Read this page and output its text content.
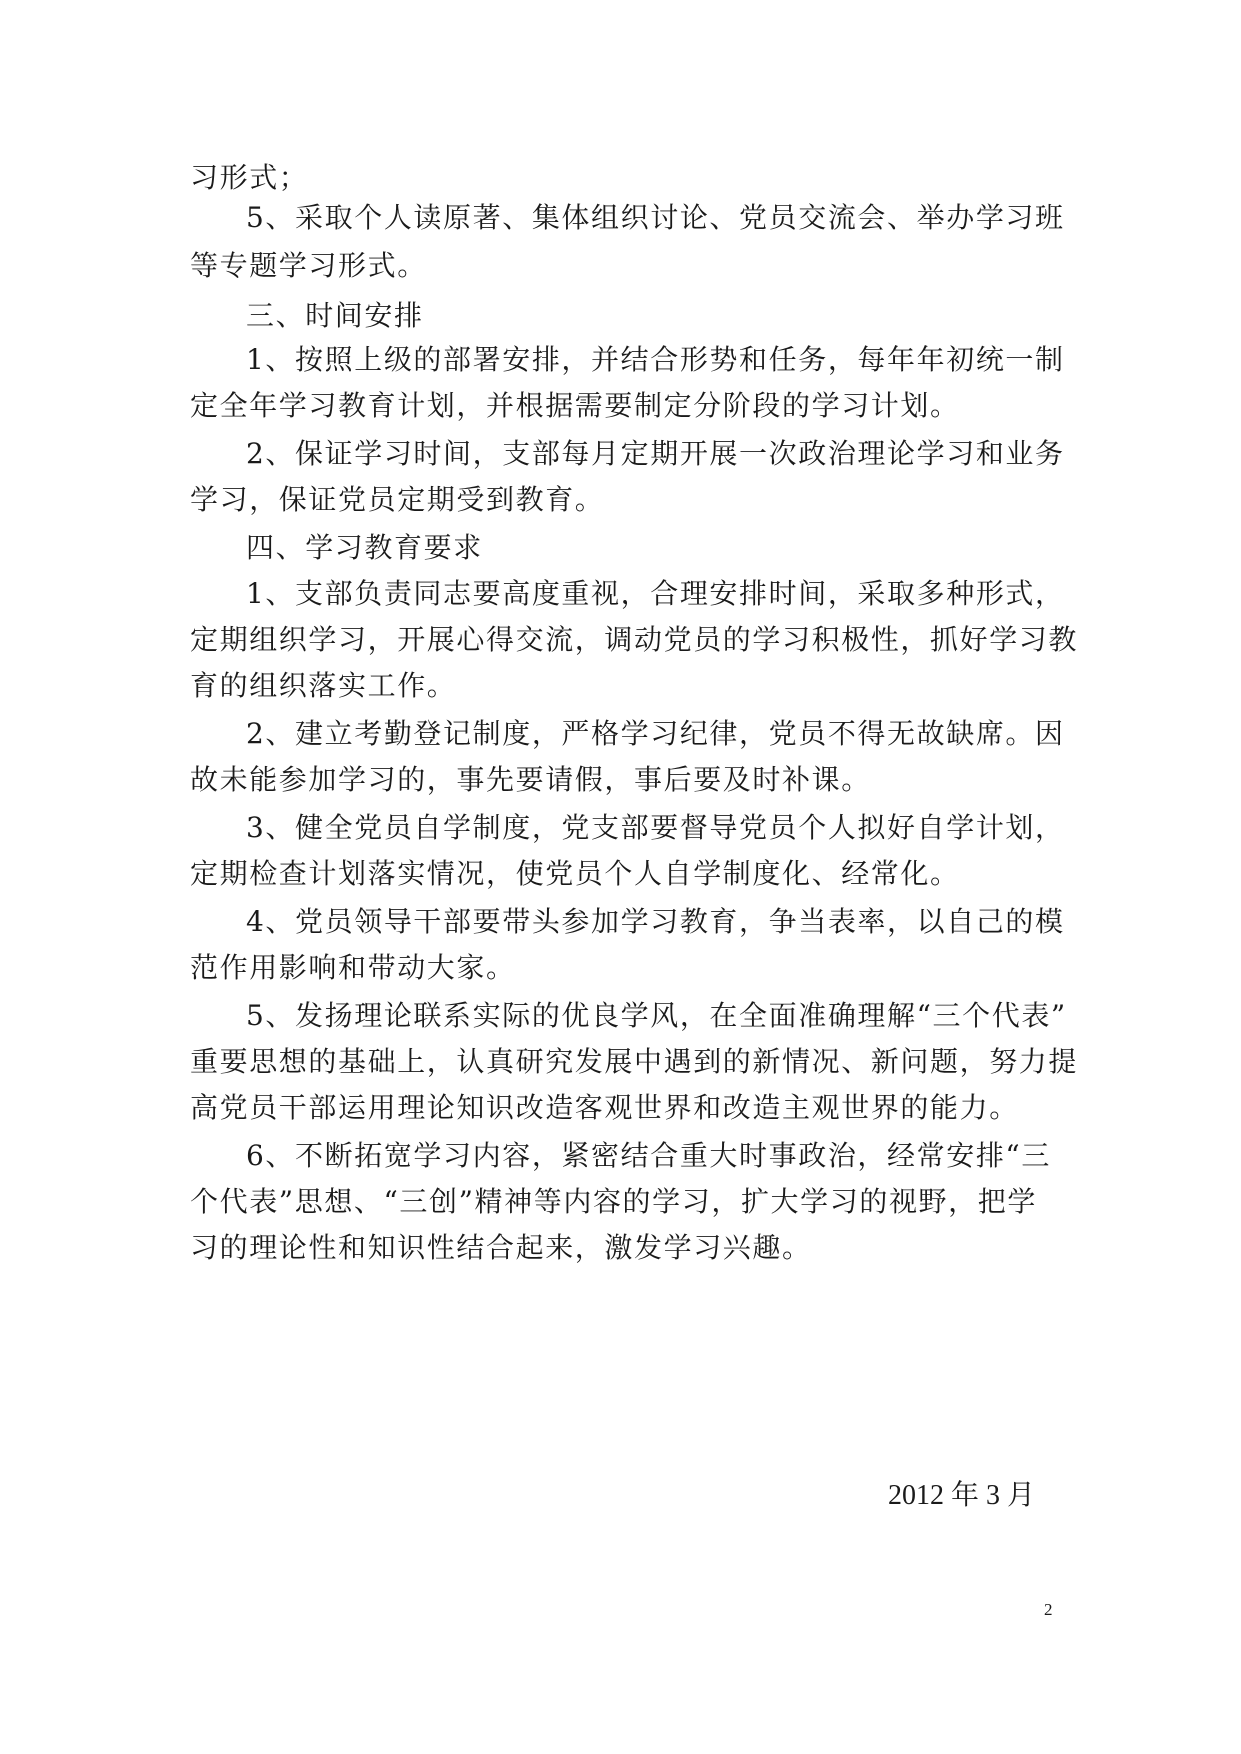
习形式；
5、采取个人读原著、集体组织讨论、党员交流会、举办学习班
等专题学习形式。
三、时间安排
1、按照上级的部署安排，并结合形势和任务，每年年初统一制
定全年学习教育计划，并根据需要制定分阶段的学习计划。
2、保证学习时间，支部每月定期开展一次政治理论学习和业务
学习，保证党员定期受到教育。
四、学习教育要求
1、支部负责同志要高度重视，合理安排时间，采取多种形式，
定期组织学习，开展心得交流，调动党员的学习积极性，抓好学习教
育的组织落实工作。
2、建立考勤登记制度，严格学习纪律，党员不得无故缺席。因
故未能参加学习的，事先要请假，事后要及时补课。
3、健全党员自学制度，党支部要督导党员个人拟好自学计划，
定期检查计划落实情况，使党员个人自学制度化、经常化。
4、党员领导干部要带头参加学习教育，争当表率，以自己的模
范作用影响和带动大家。
5、发扬理论联系实际的优良学风，在全面准确理解“三个代表”
重要思想的基础上，认真研究发展中遇到的新情况、新问题，努力提
高党员干部运用理论知识改造客观世界和改造主观世界的能力。
6、不断拓宽学习内容，紧密结合重大时事政治，经常安排“三
个代表”思想、“三创”精神等内容的学习，扩大学习的视野，把学
习的理论性和知识性结合起来，激发学习兴趣。
2012 年 3 月
2
